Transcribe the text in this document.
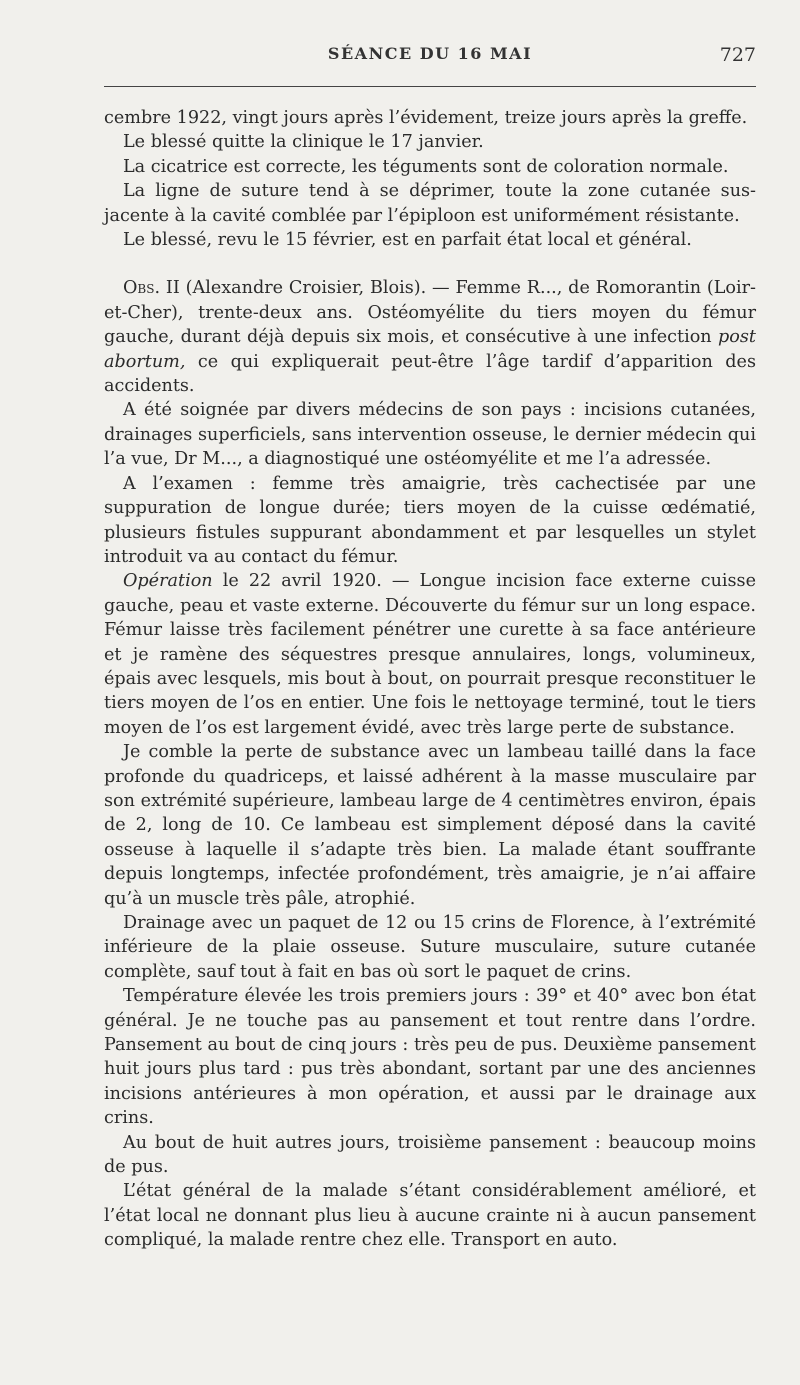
SÉANCE DU 16 MAI	727

cembre 1922, vingt jours après l’évidement, treize jours après la greffe.

Le blessé quitte la clinique le 17 janvier.

La cicatrice est correcte, les téguments sont de coloration normale.

La ligne de suture tend à se déprimer, toute la zone cutanée sus-jacente à la cavité comblée par l’épiploon est uniformément résistante.

Le blessé, revu le 15 février, est en parfait état local et général.

Obs. II (Alexandre Croisier, Blois). — Femme R..., de Romorantin (Loir-et-Cher), trente-deux ans. Ostéomyélite du tiers moyen du fémur gauche, durant déjà depuis six mois, et consécutive à une infection post abortum, ce qui expliquerait peut-être l’âge tardif d’apparition des accidents.

A été soignée par divers médecins de son pays : incisions cutanées, drainages superficiels, sans intervention osseuse, le dernier médecin qui l’a vue, Dr M..., a diagnostiqué une ostéomyélite et me l’a adressée.

A l’examen : femme très amaigrie, très cachectisée par une suppuration de longue durée; tiers moyen de la cuisse œdématié, plusieurs fistules suppurant abondamment et par lesquelles un stylet introduit va au contact du fémur.

Opération le 22 avril 1920. — Longue incision face externe cuisse gauche, peau et vaste externe. Découverte du fémur sur un long espace. Fémur laisse très facilement pénétrer une curette à sa face antérieure et je ramène des séquestres presque annulaires, longs, volumineux, épais avec lesquels, mis bout à bout, on pourrait presque reconstituer le tiers moyen de l’os en entier. Une fois le nettoyage terminé, tout le tiers moyen de l’os est largement évidé, avec très large perte de substance.

Je comble la perte de substance avec un lambeau taillé dans la face profonde du quadriceps, et laissé adhérent à la masse musculaire par son extrémité supérieure, lambeau large de 4 centimètres environ, épais de 2, long de 10. Ce lambeau est simplement déposé dans la cavité osseuse à laquelle il s’adapte très bien. La malade étant souffrante depuis longtemps, infectée profondément, très amaigrie, je n’ai affaire qu’à un muscle très pâle, atrophié.

Drainage avec un paquet de 12 ou 15 crins de Florence, à l’extrémité inférieure de la plaie osseuse. Suture musculaire, suture cutanée complète, sauf tout à fait en bas où sort le paquet de crins.

Température élevée les trois premiers jours : 39° et 40° avec bon état général. Je ne touche pas au pansement et tout rentre dans l’ordre. Pansement au bout de cinq jours : très peu de pus. Deuxième pansement huit jours plus tard : pus très abondant, sortant par une des anciennes incisions antérieures à mon opération, et aussi par le drainage aux crins.

Au bout de huit autres jours, troisième pansement : beaucoup moins de pus.

L’état général de la malade s’étant considérablement amélioré, et l’état local ne donnant plus lieu à aucune crainte ni à aucun pansement compliqué, la malade rentre chez elle. Transport en auto.
